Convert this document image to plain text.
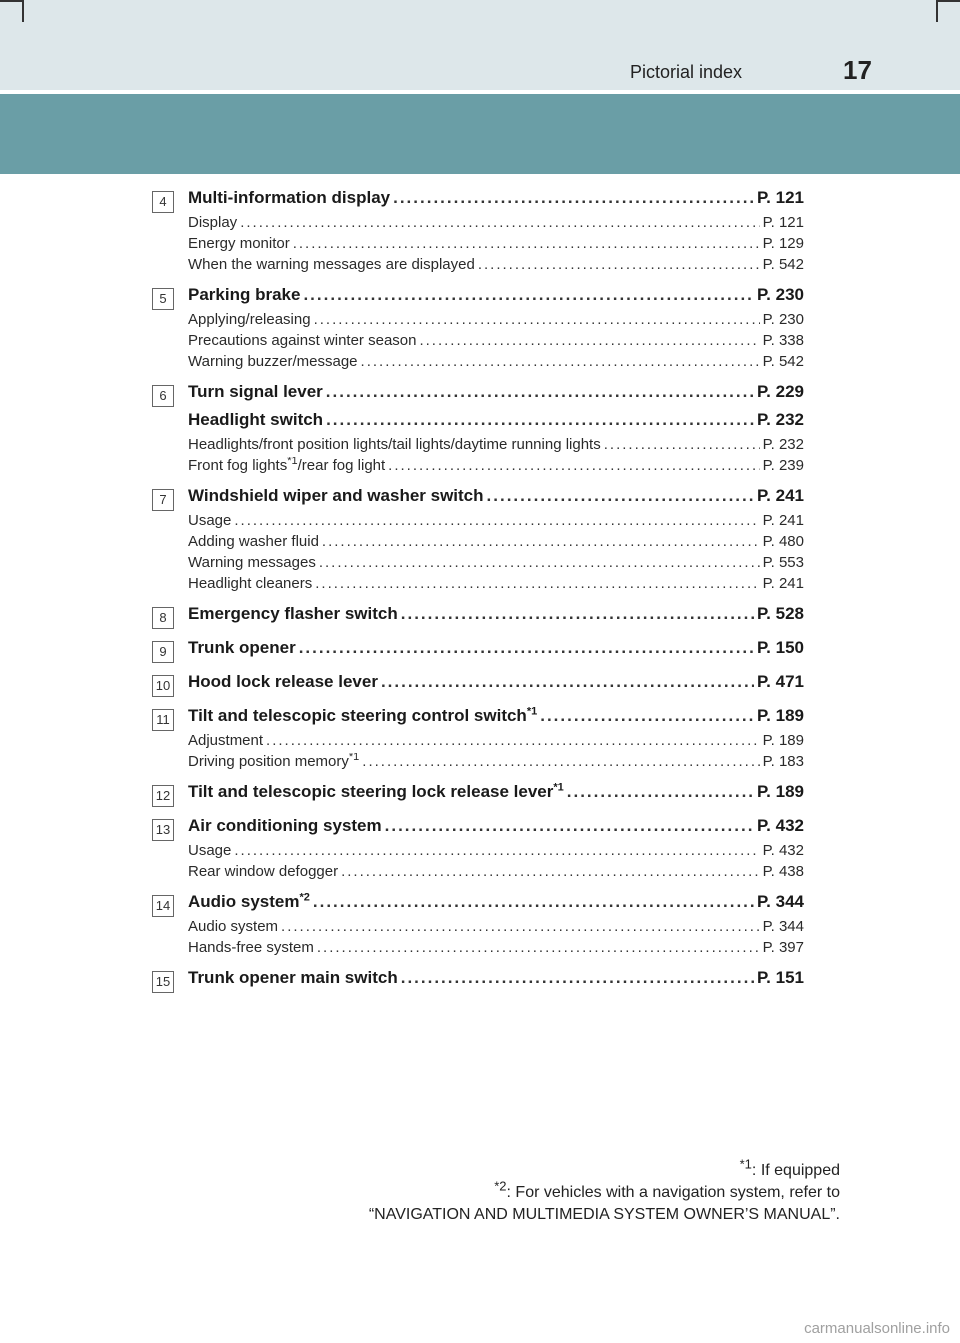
Pictorial index	17
4	Multi-information display .....	P. 121
Display .....	P. 121
Energy monitor .....	P. 129
When the warning messages are displayed .....	P. 542
5	Parking brake .....	P. 230
Applying/releasing .....	P. 230
Precautions against winter season .....	P. 338
Warning buzzer/message .....	P. 542
6	Turn signal lever .....	P. 229
Headlight switch .....	P. 232
Headlights/front position lights/tail lights/daytime running lights .....	P. 232
Front fog lights$^{*1}$/rear fog light .....	P. 239
7	Windshield wiper and washer switch .....	P. 241
Usage .....	P. 241
Adding washer fluid .....	P. 480
Warning messages .....	P. 553
Headlight cleaners .....	P. 241
8	Emergency flasher switch .....	P. 528
9	Trunk opener .....	P. 150
10 Hood lock release lever .....	P. 471
11 Tilt and telescopic steering control switch$^{*1}$ .....	P. 189
Adjustment .....	P. 189
Driving position memory$^{*1}$ .....	P. 183
12 Tilt and telescopic steering lock release lever$^{*1}$ .....	P. 189
13 Air conditioning system .....	P. 432
Usage .....	P. 432
Rear window defogger .....	P. 438
14 Audio system$^{*2}$ .....	P. 344
Audio system .....	P. 344
Hands-free system .....	P. 397
15 Trunk opener main switch .....	P. 151
$^{*1}$: If equipped
$^{*2}$: For vehicles with a navigation system, refer to
“NAVIGATION AND MULTIMEDIA SYSTEM OWNER’S MANUAL”.
carmanualsonline.info
